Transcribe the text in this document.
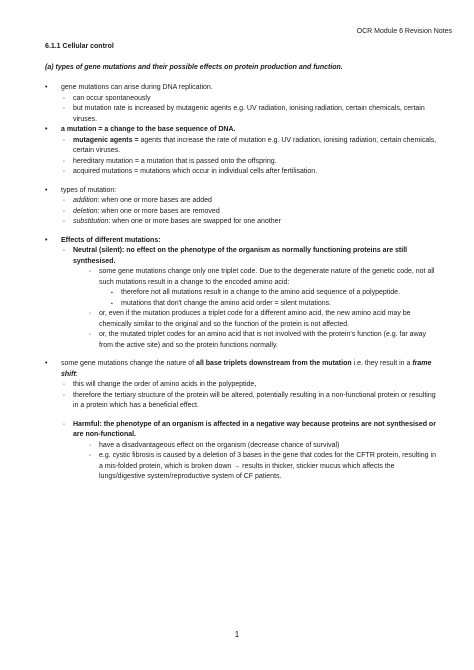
OCR Module 6 Revision Notes
6.1.1 Cellular control
(a) types of gene mutations and their possible effects on protein production and function.
• gene mutations can arise during DNA replication.
◦ can occur spontaneously
◦ but mutation rate is increased by mutagenic agents e.g. UV radiation, ionising radiation, certain chemicals, certain viruses.
• a mutation = a change to the base sequence of DNA.
◦ mutagenic agents = agents that increase the rate of mutation e.g. UV radiation, ionising radiation, certain chemicals, certain viruses.
◦ hereditary mutation = a mutation that is passed onto the offspring.
◦ acquired mutations = mutations which occur in individual cells after fertilisation.
• types of mutation:
◦ addition: when one or more bases are added
◦ deletion: when one or more bases are removed
◦ substitution: when one or more bases are swapped for one another
• Effects of different mutations:
◦ Neutral (silent): no effect on the phenotype of the organism as normally functioning proteins are still synthesised.
◦ some gene mutations change only one triplet code. Due to the degenerate nature of the genetic code, not all such mutations result in a change to the encoded amino acid:
▪ therefore not all mutations result in a change to the amino acid sequence of a polypeptide.
▪ mutations that don't change the amino acid order = silent mutations.
◦ or, even if the mutation produces a triplet code for a different amino acid, the new amino acid may be chemically similar to the original and so the function of the protein is not affected.
◦ or, the mutated triplet codes for an amino acid that is not involved with the protein's function (e.g. far away from the active site) and so the protein functions normally.
• some gene mutations change the nature of all base triplets downstream from the mutation i.e. they result in a frame shift:
◦ this will change the order of amino acids in the polypeptide,
◦ therefore the tertiary structure of the protein will be altered, potentially resulting in a non-functional protein or resulting in a protein which has a beneficial effect.
◦ Harmful: the phenotype of an organism is affected in a negative way because proteins are not synthesised or are non-functional.
◦ have a disadvantageous effect on the organism (decrease chance of survival)
◦ e.g. cystic fibrosis is caused by a deletion of 3 bases in the gene that codes for the CFTR protein, resulting in a mis-folded protein, which is broken down → results in thicker, stickier mucus which affects the lungs/digestive system/reproductive system of CF patients.
1
